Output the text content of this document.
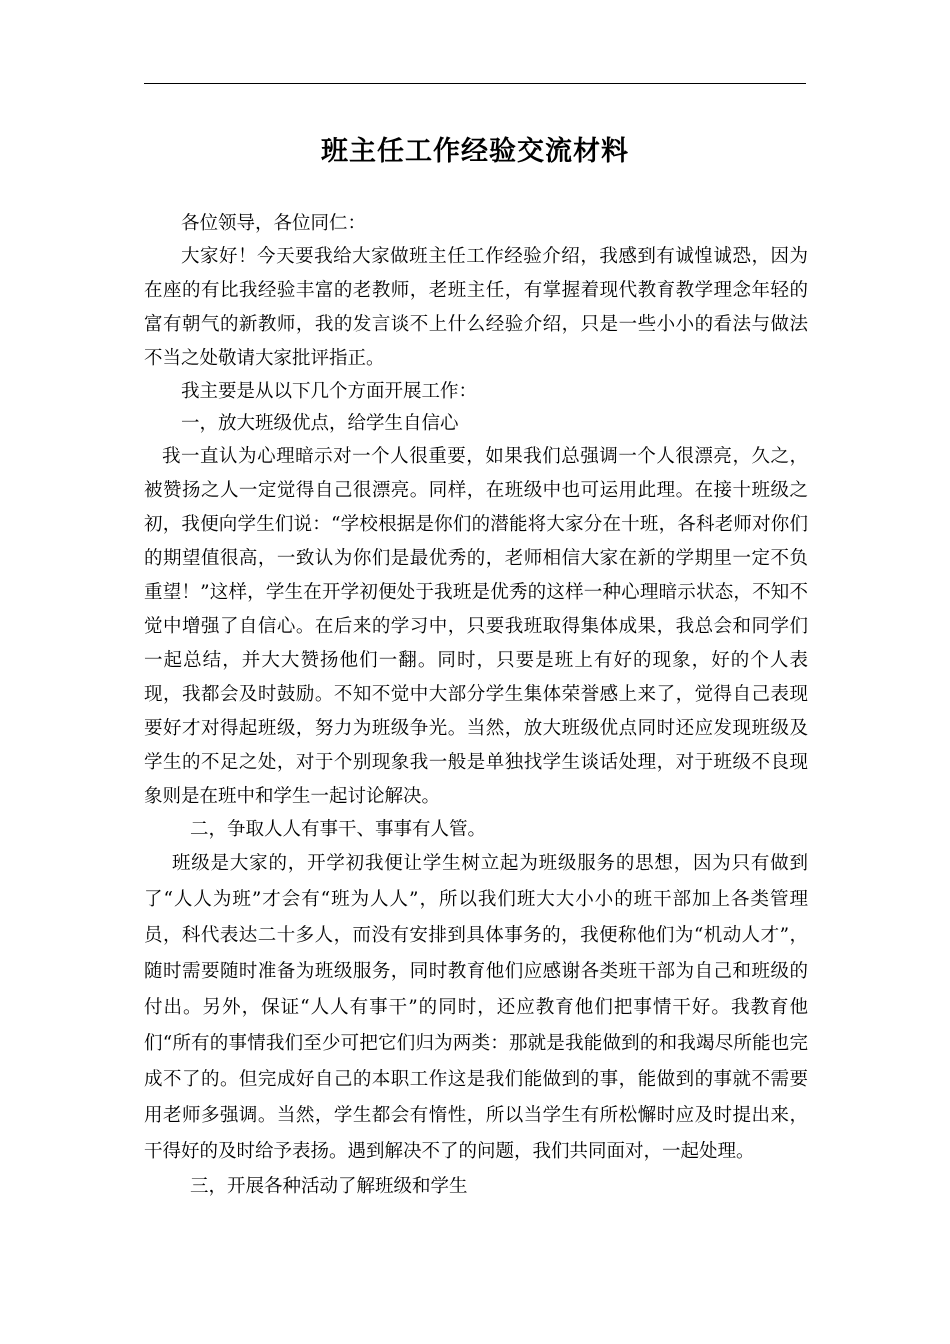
班主任工作经验交流材料

各位领导，各位同仁：

大家好！今天要我给大家做班主任工作经验介绍，我感到有诚惶诚恐，因为在座的有比我经验丰富的老教师，老班主任，有掌握着现代教育教学理念年轻的富有朝气的新教师，我的发言谈不上什么经验介绍，只是一些小小的看法与做法不当之处敬请大家批评指正。

我主要是从以下几个方面开展工作：

一，放大班级优点，给学生自信心

我一直认为心理暗示对一个人很重要，如果我们总强调一个人很漂亮，久之，被赞扬之人一定觉得自己很漂亮。同样，在班级中也可运用此理。在接十班级之初，我便向学生们说：“学校根据是你们的潜能将大家分在十班，各科老师对你们的期望值很高，一致认为你们是最优秀的，老师相信大家在新的学期里一定不负重望！”这样，学生在开学初便处于我班是优秀的这样一种心理暗示状态，不知不觉中增强了自信心。在后来的学习中，只要我班取得集体成果，我总会和同学们一起总结，并大大赞扬他们一翻。同时，只要是班上有好的现象，好的个人表现，我都会及时鼓励。不知不觉中大部分学生集体荣誉感上来了，觉得自己表现要好才对得起班级，努力为班级争光。当然，放大班级优点同时还应发现班级及学生的不足之处，对于个别现象我一般是单独找学生谈话处理，对于班级不良现象则是在班中和学生一起讨论解决。

二，争取人人有事干、事事有人管。

班级是大家的，开学初我便让学生树立起为班级服务的思想，因为只有做到了“人人为班”才会有“班为人人”，所以我们班大大小小的班干部加上各类管理员，科代表达二十多人，而没有安排到具体事务的，我便称他们为“机动人才”，随时需要随时准备为班级服务，同时教育他们应感谢各类班干部为自己和班级的付出。另外，保证“人人有事干”的同时，还应教育他们把事情干好。我教育他们“所有的事情我们至少可把它们归为两类：那就是我能做到的和我竭尽所能也完成不了的。但完成好自己的本职工作这是我们能做到的事，能做到的事就不需要用老师多强调。当然，学生都会有惰性，所以当学生有所松懈时应及时提出来，干得好的及时给予表扬。遇到解决不了的问题，我们共同面对，一起处理。

三，开展各种活动了解班级和学生
